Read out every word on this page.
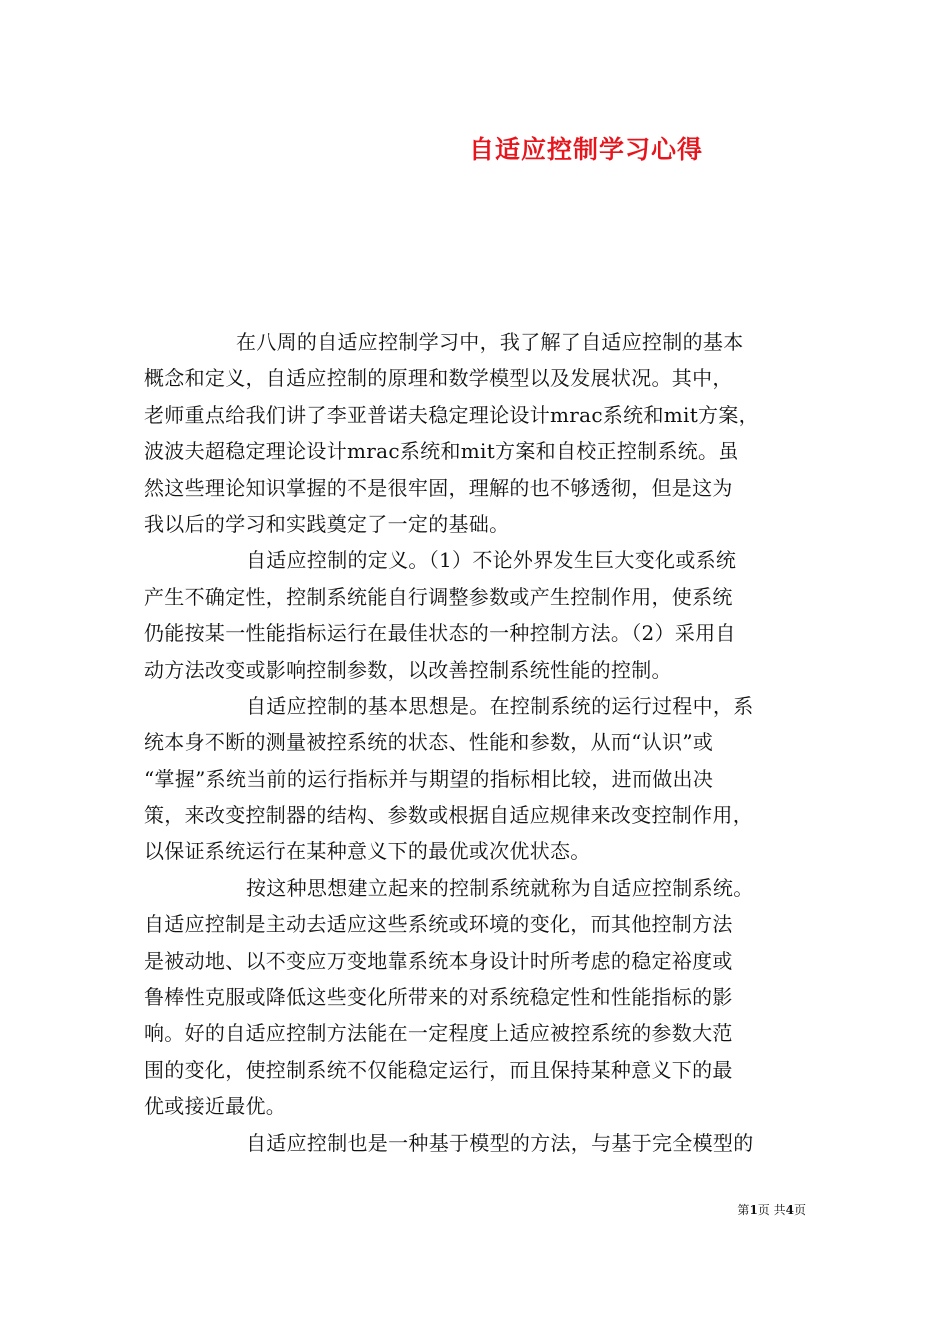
自适应控制学习心得
在八周的自适应控制学习中，我了解了自适应控制的基本
概念和定义，自适应控制的原理和数学模型以及发展状况。其中，
老师重点给我们讲了李亚普诺夫稳定理论设计mrac系统和mit方案，
波波夫超稳定理论设计mrac系统和mit方案和自校正控制系统。虽
然这些理论知识掌握的不是很牢固，理解的也不够透彻，但是这为
我以后的学习和实践奠定了一定的基础。
自适应控制的定义。（1）不论外界发生巨大变化或系统
产生不确定性，控制系统能自行调整参数或产生控制作用，使系统
仍能按某一性能指标运行在最佳状态的一种控制方法。（2）采用自
动方法改变或影响控制参数，以改善控制系统性能的控制。
自适应控制的基本思想是。在控制系统的运行过程中，系
统本身不断的测量被控系统的状态、性能和参数，从而“认识”或
“掌握”系统当前的运行指标并与期望的指标相比较，进而做出决
策，来改变控制器的结构、参数或根据自适应规律来改变控制作用，
以保证系统运行在某种意义下的最优或次优状态。
按这种思想建立起来的控制系统就称为自适应控制系统。
自适应控制是主动去适应这些系统或环境的变化，而其他控制方法
是被动地、以不变应万变地靠系统本身设计时所考虑的稳定裕度或
鲁棒性克服或降低这些变化所带来的对系统稳定性和性能指标的影
响。好的自适应控制方法能在一定程度上适应被控系统的参数大范
围的变化，使控制系统不仅能稳定运行，而且保持某种意义下的最
优或接近最优。
自适应控制也是一种基于模型的方法，与基于完全模型的
第1页 共4页
